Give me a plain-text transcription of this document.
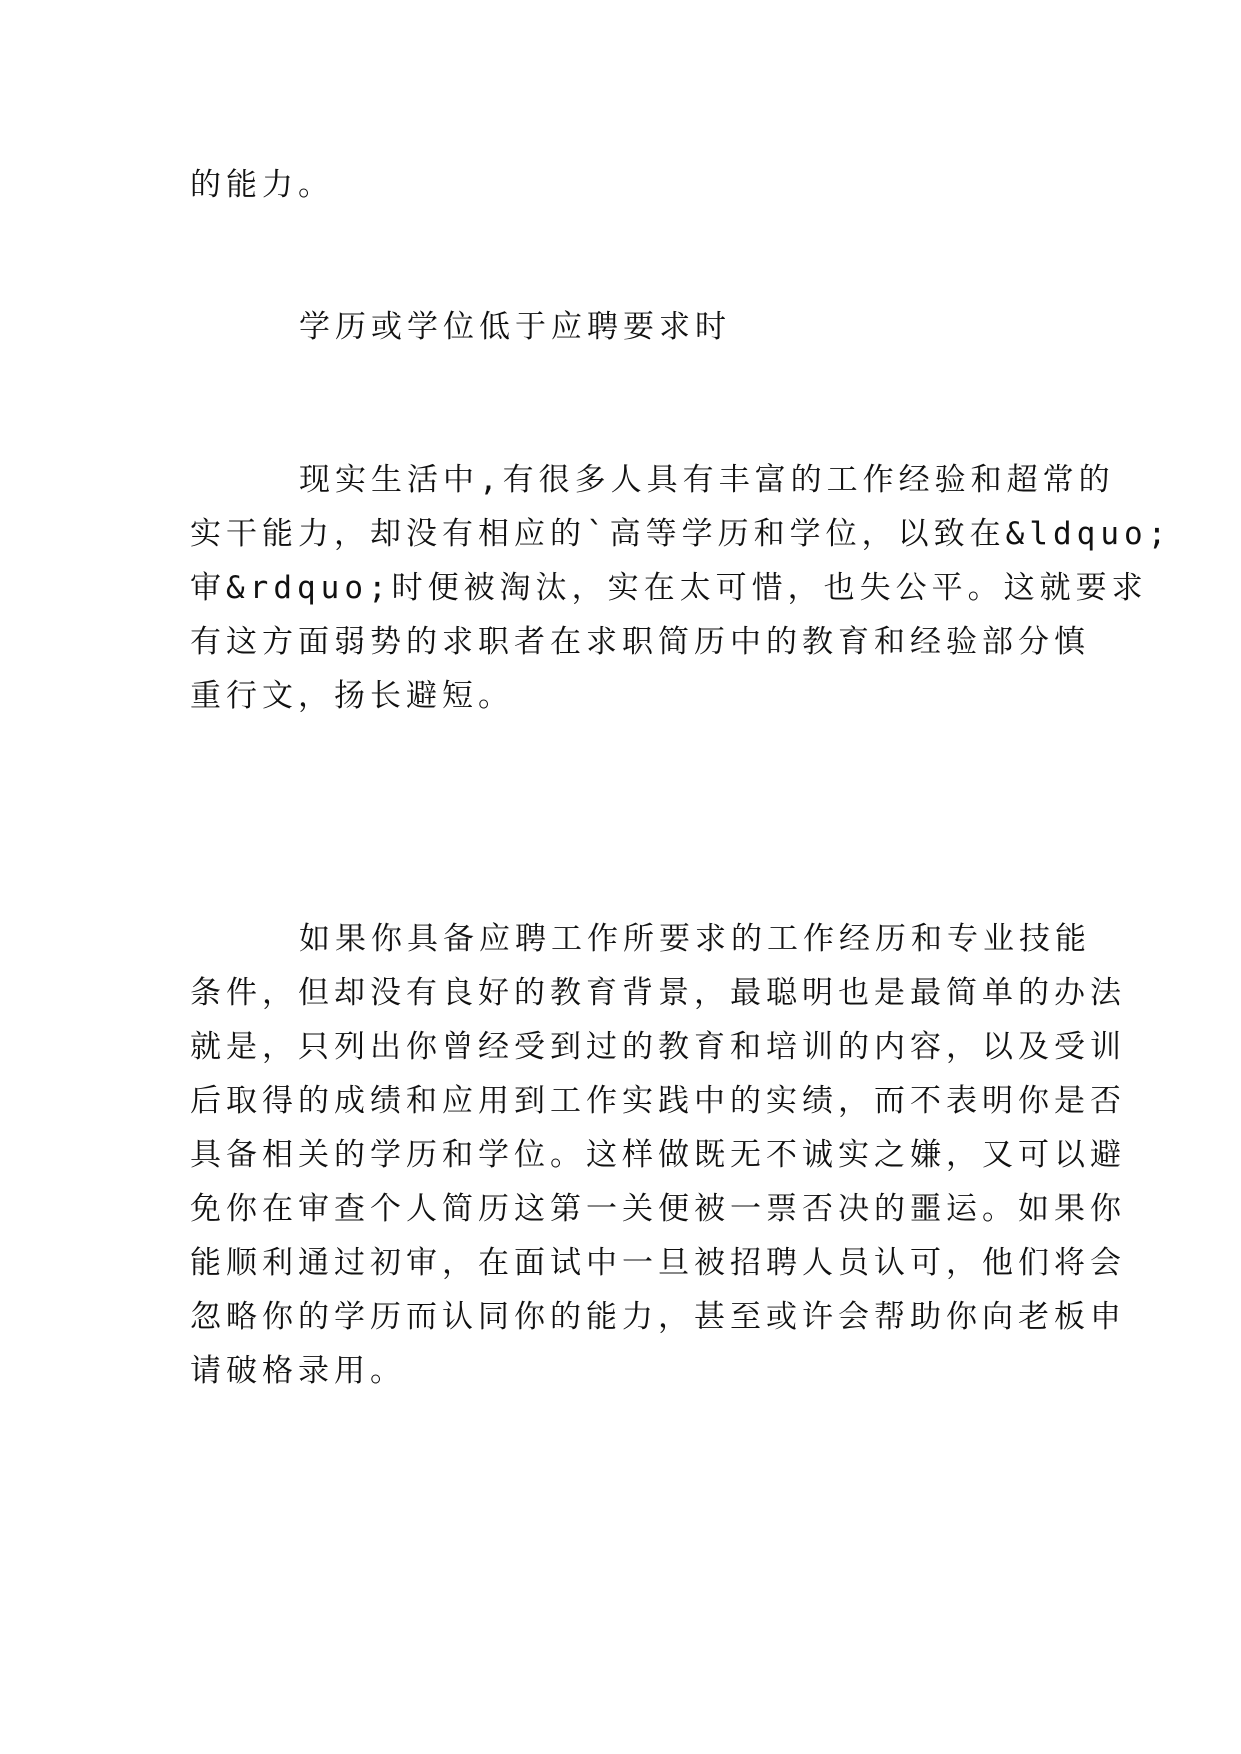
的能力。
学历或学位低于应聘要求时
现实生活中,有很多人具有丰富的工作经验和超常的
实干能力，却没有相应的`高等学历和学位，以致在&ldquo;
审&rdquo;时便被淘汰，实在太可惜，也失公平。这就要求
有这方面弱势的求职者在求职简历中的教育和经验部分慎
重行文，扬长避短。
如果你具备应聘工作所要求的工作经历和专业技能
条件，但却没有良好的教育背景，最聪明也是最简单的办法
就是，只列出你曾经受到过的教育和培训的内容，以及受训
后取得的成绩和应用到工作实践中的实绩，而不表明你是否
具备相关的学历和学位。这样做既无不诚实之嫌，又可以避
免你在审查个人简历这第一关便被一票否决的噩运。如果你
能顺利通过初审，在面试中一旦被招聘人员认可，他们将会
忽略你的学历而认同你的能力，甚至或许会帮助你向老板申
请破格录用。
